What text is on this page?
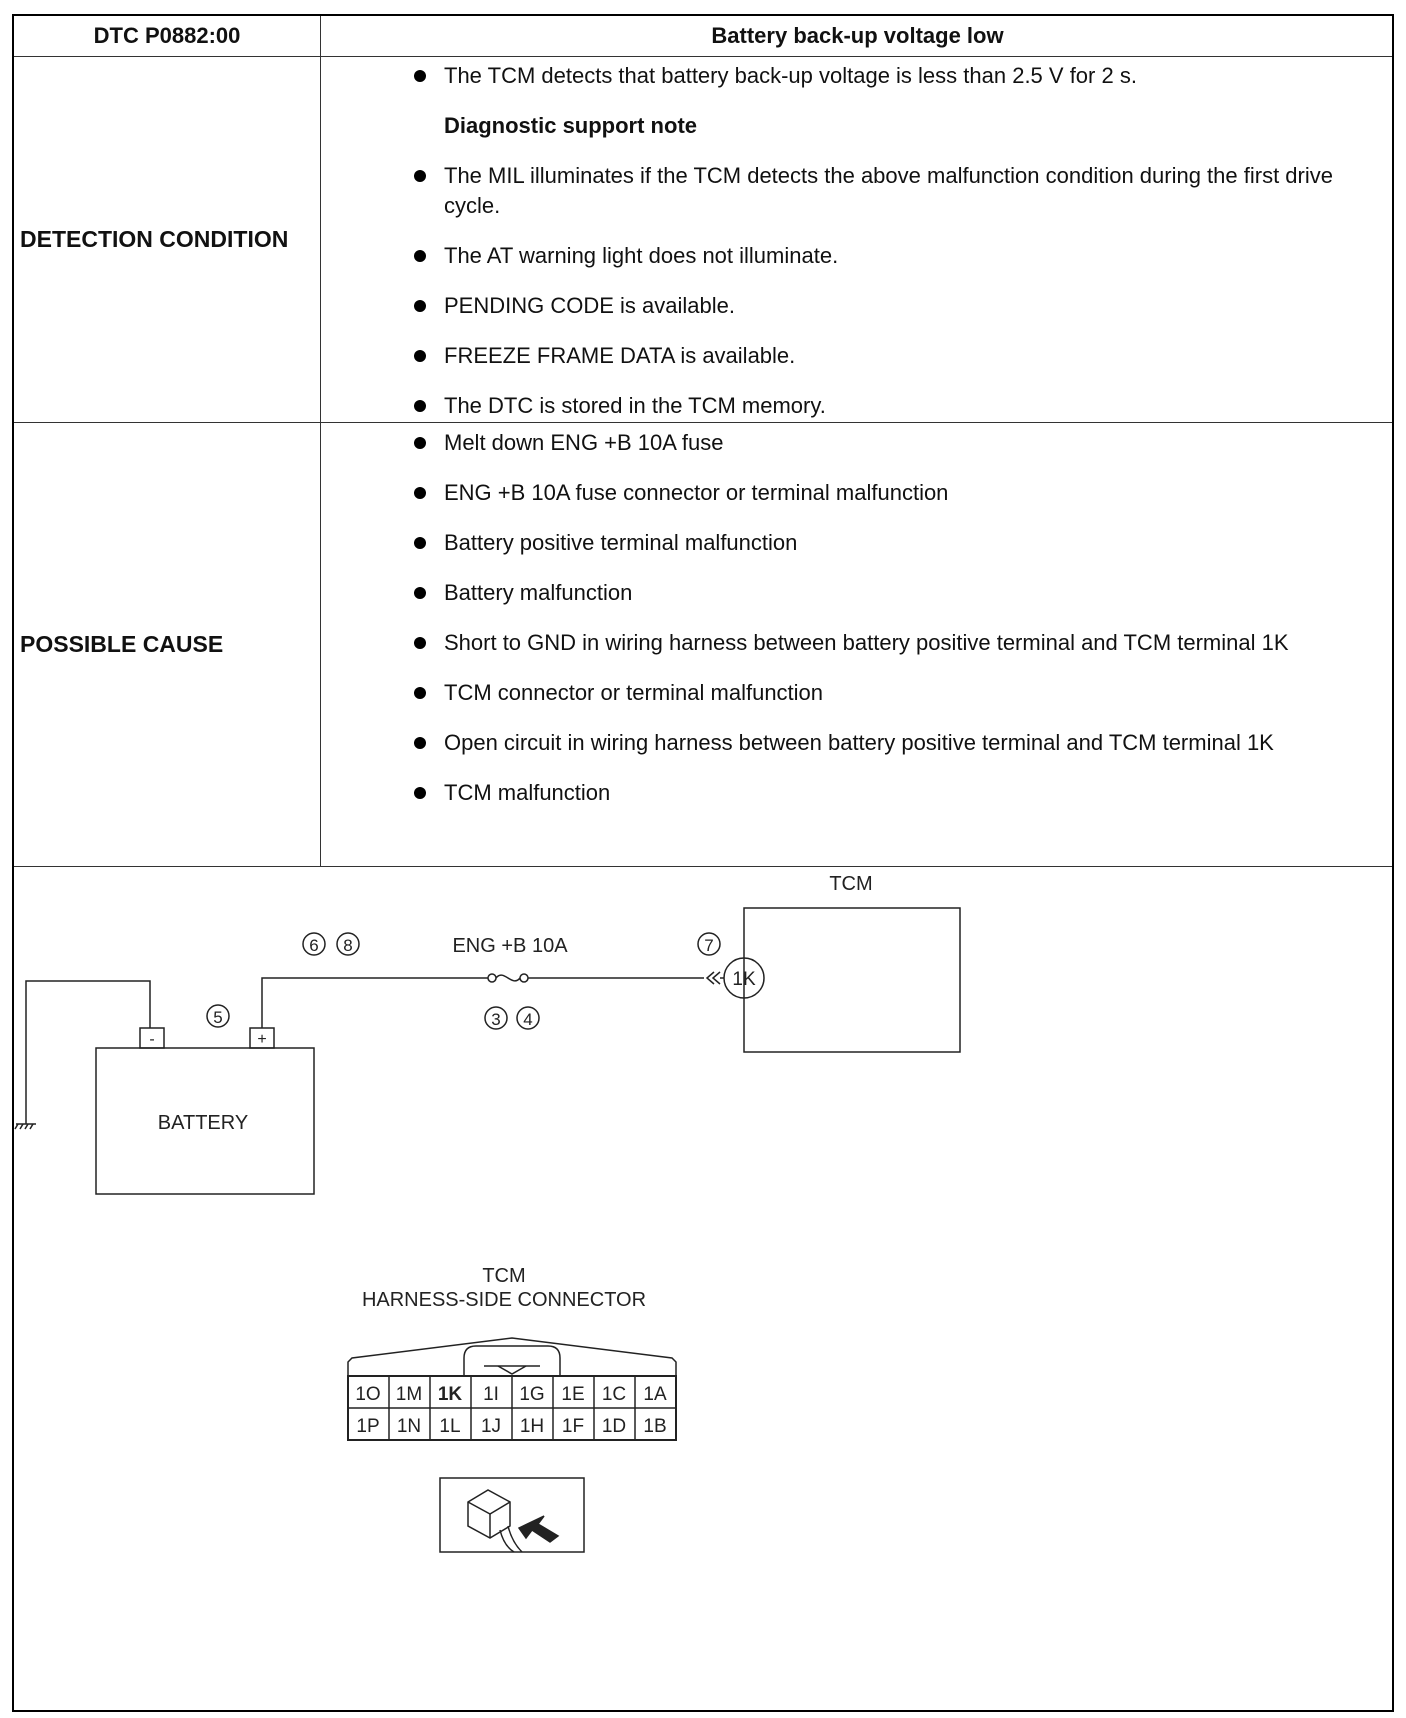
DTC P0882:00	Battery back-up voltage low
DETECTION CONDITION
The TCM detects that battery back-up voltage is less than 2.5 V for 2 s.
Diagnostic support note
The MIL illuminates if the TCM detects the above malfunction condition during the first drive cycle.
The AT warning light does not illuminate.
PENDING CODE is available.
FREEZE FRAME DATA is available.
The DTC is stored in the TCM memory.
POSSIBLE CAUSE
Melt down ENG +B 10A fuse
ENG +B 10A fuse connector or terminal malfunction
Battery positive terminal malfunction
Battery malfunction
Short to GND in wiring harness between battery positive terminal and TCM terminal 1K
TCM connector or terminal malfunction
Open circuit in wiring harness between battery positive terminal and TCM terminal 1K
TCM malfunction
TCM
1K
ENG +B 10A
BATTERY
-	+
6 8	7
5	3 4
TCM
HARNESS-SIDE CONNECTOR
1O 1M 1K 1I 1G 1E 1C 1A
1P 1N 1L 1J 1H 1F 1D 1B
